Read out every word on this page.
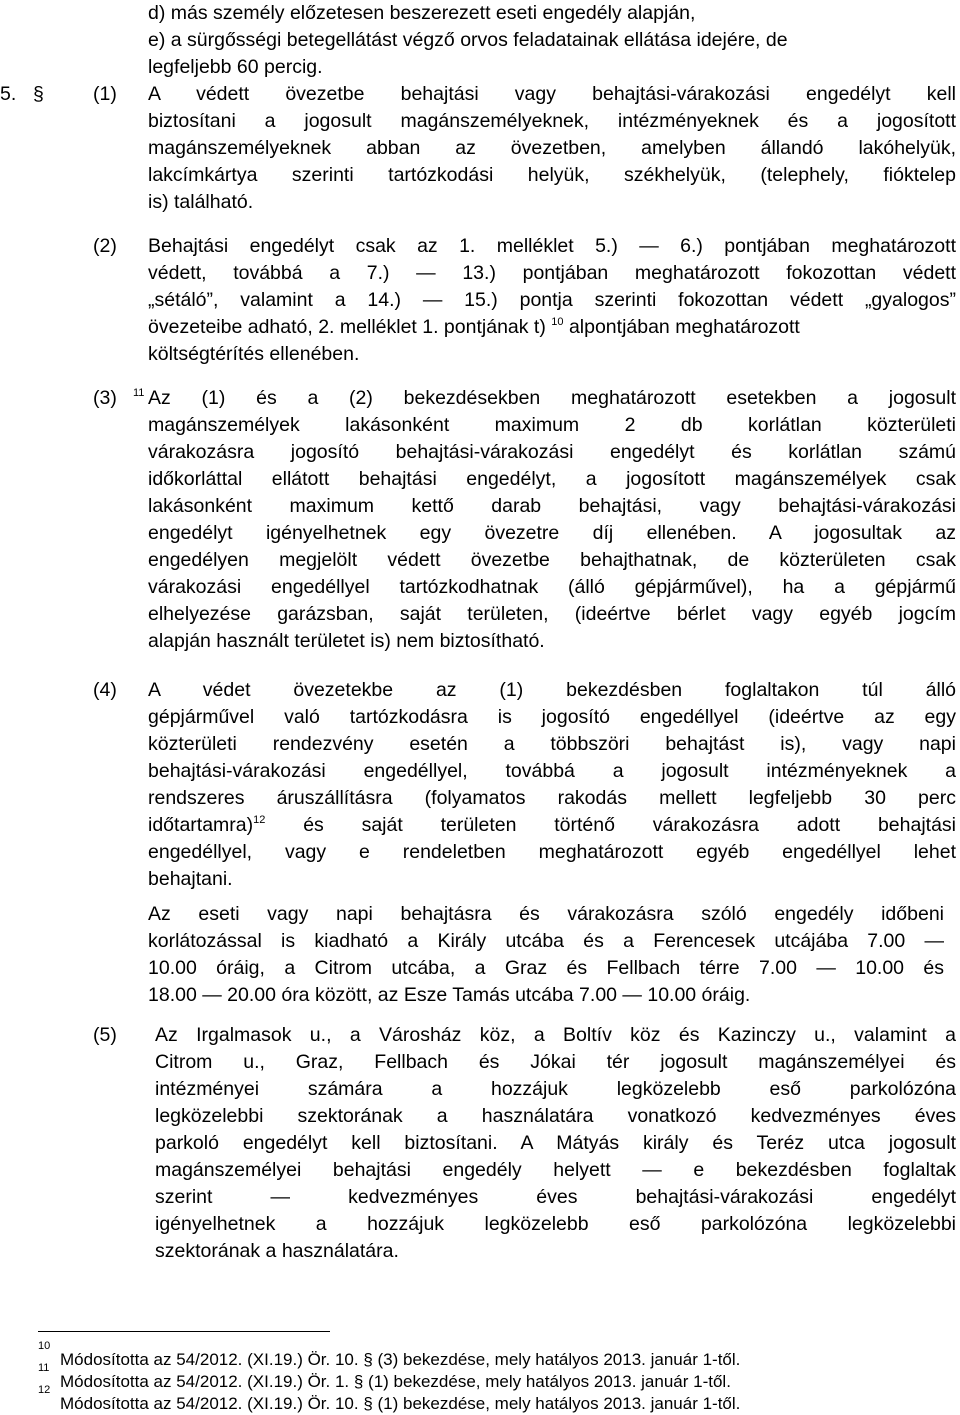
d) más személy előzetesen beszerezett eseti engedély alapján,
e) a sürgősségi betegellátást végző orvos feladatainak ellátása idejére, de
legfeljebb 60 percig.
5. §	(1) A védett övezetbe behajtási vagy behajtási-várakozási engedélyt kell
biztosítani a jogosult magánszemélyeknek, intézményeknek és a jogosított
magánszemélyeknek abban az övezetben, amelyben állandó lakóhelyük,
lakcímkártya szerinti tartózkodási helyük, székhelyük, (telephely, fióktelep
is) található.
(2) Behajtási engedélyt csak az 1. melléklet 5.) — 6.) pontjában meghatározott
védett, továbbá a 7.) — 13.) pontjában meghatározott fokozottan védett
„sétáló”, valamint a 14.) — 15.) pontja szerinti fokozottan védett „gyalogos”
övezeteibe adható, 2. melléklet 1. pontjának t) $^{10}$ alpontjában meghatározott
költségtérítés ellenében.
(3) $^{11}$ Az (1) és a (2) bekezdésekben meghatározott esetekben a jogosult
magánszemélyek lakásonként maximum 2 db korlátlan közterületi
várakozásra jogosító behajtási-várakozási engedélyt és korlátlan számú
időkorláttal ellátott behajtási engedélyt, a jogosított magánszemélyek csak
lakásonként maximum kettő darab behajtási, vagy behajtási-várakozási
engedélyt igényelhetnek egy övezetre díj ellenében. A jogosultak az
engedélyen megjelölt védett övezetbe behajthatnak, de közterületen csak
várakozási engedéllyel tartózkodhatnak (álló gépjárművel), ha a gépjármű
elhelyezése garázsban, saját területen, (ideértve bérlet vagy egyéb jogcím
alapján használt területet is) nem biztosítható.
(4) A védet övezetekbe az (1) bekezdésben foglaltakon túl álló
gépjárművel való tartózkodásra is jogosító engedéllyel (ideértve az egy
közterületi rendezvény esetén a többszöri behajtást is), vagy napi
behajtási-várakozási engedéllyel, továbbá a jogosult intézményeknek a
rendszeres áruszállításra (folyamatos rakodás mellett legfeljebb 30 perc
időtartamra)$^{12}$ és saját területen történő várakozásra adott behajtási
engedéllyel, vagy e rendeletben meghatározott egyéb engedéllyel lehet
behajtani.
Az eseti vagy napi behajtásra és várakozásra szóló engedély időbeni
korlátozással is kiadható a Király utcába és a Ferencesek utcájába 7.00 —
10.00 óráig, a Citrom utcába, a Graz és Fellbach térre 7.00 — 10.00 és
18.00 — 20.00 óra között, az Esze Tamás utcába 7.00 — 10.00 óráig.
(5) Az Irgalmasok u., a Városház köz, a Boltív köz és Kazinczy u., valamint a
Citrom u., Graz, Fellbach és Jókai tér jogosult magánszemélyei és
intézményei számára a hozzájuk legközelebb eső parkolózóna
legközelebbi szektorának a használatára vonatkozó kedvezményes éves
parkoló engedélyt kell biztosítani. A Mátyás király és Teréz utca jogosult
magánszemélyei behajtási engedély helyett — e bekezdésben foglaltak
szerint — kedvezményes éves behajtási-várakozási engedélyt
igényelhetnek a hozzájuk legközelebb eső parkolózóna legközelebbi
szektorának a használatára.
10
Módosította az 54/2012. (XI.19.) Ör. 10. § (3) bekezdése, mely hatályos 2013. január 1-től.
11
Módosította az 54/2012. (XI.19.) Ör. 1. § (1) bekezdése, mely hatályos 2013. január 1-től.
12
Módosította az 54/2012. (XI.19.) Ör. 10. § (1) bekezdése, mely hatályos 2013. január 1-től.
